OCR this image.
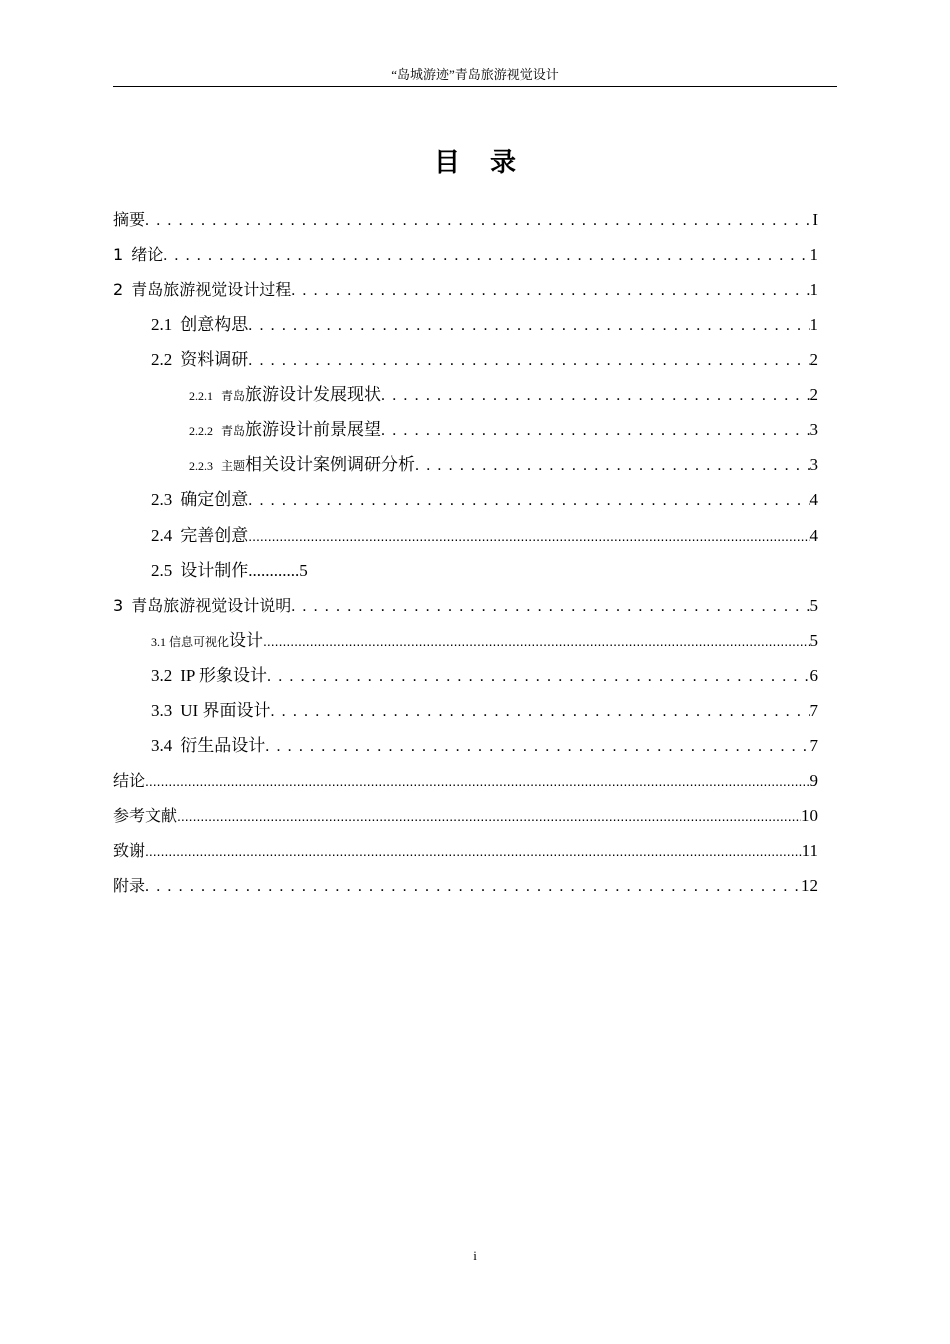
“岛城游迹”青岛旅游视觉设计
目录
摘要 . . .	I
1 绪论 . . .	1
2 青岛旅游视觉设计过程 . . .	1
2.1 创意构思 . . .	1
2.2 资料调研 . . .	2
2.2.1 青岛 旅游设计发展现状 . . .	2
2.2.2 青岛 旅游设计前景展望 . . .	3
2.2.3 主题 相关设计案例调研分析 . . .	3
2.3 确定创意 . . .	4
2.4 完善创意 .....	4
2.5 设计制作............5
3 青岛旅游视觉设计说明 . . .	5
3.1 信息可视化 设计 .....	5
3.2 IP 形象设计 . . .	6
3.3 UI 界面设计 . . .	7
3.4 衍生品设计 . . .	7
结论 .....	9
参考文献 .....	10
致谢 .....	11
附录 . . .	12
i
